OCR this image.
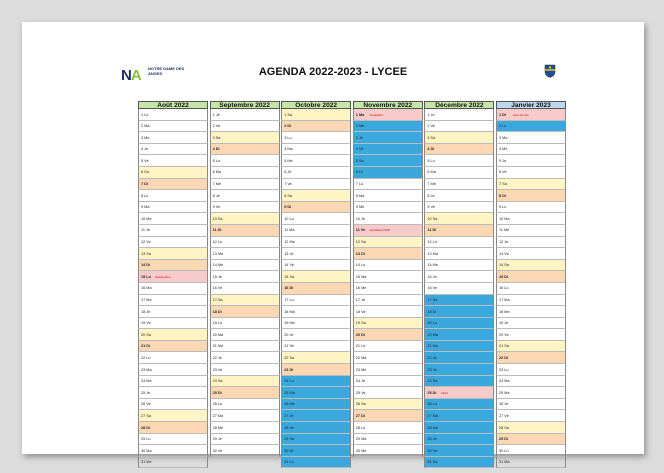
NA NOTRE DAME DES ANGES	AGENDA 2022-2023 - LYCEE
Août 2022
1 Lu
2 Ma
3 Me
4 Je
5 Ve
6 Sa
7 Di
8 Lu
9 Ma
10 Me
11 Je
12 Ve
13 Sa
14 Di
15 Lu Assomption
16 Ma
17 Me
18 Je
19 Ve
20 Sa
21 Di
22 Lu
23 Ma
24 Me
25 Je
26 Ve
27 Sa
28 Di
29 Lu
30 Ma
31 Me
Septembre 2022
1 Je
2 Ve
3 Sa
4 Di
5 Lu
6 Ma
7 Me
8 Je
9 Ve
10 Sa
11 Di
12 Lu
13 Ma
14 Me
15 Je
16 Ve
17 Sa
18 Di
19 Lu
20 Ma
21 Me
22 Je
23 Ve
24 Sa
25 Di
26 Lu
27 Ma
28 Me
29 Je
30 Ve
Octobre 2022
1 Sa
2 Di
3 Lu
4 Ma
5 Me
6 Je
7 Ve
8 Sa
9 Di
10 Lu
11 Ma
12 Me
13 Je
14 Ve
15 Sa
16 Di
17 Lu
18 Ma
19 Me
20 Je
21 Ve
22 Sa
23 Di
24 Lu
25 Ma
26 Me
27 Je
28 Ve
29 Sa
30 Di
31 Lu
Novembre 2022
1 Ma Toussaint
2 Me
3 Je
4 Ve
5 Sa
6 Di
7 Lu
8 Ma
9 Me
10 Je
11 Ve Armistice 1918
12 Sa
13 Di
14 Lu
15 Ma
16 Me
17 Je
18 Ve
19 Sa
20 Di
21 Lu
22 Ma
23 Me
24 Je
25 Ve
26 Sa
27 Di
28 Lu
29 Ma
30 Me
Décembre 2022
1 Je
2 Ve
3 Sa
4 Di
5 Lu
6 Ma
7 Me
8 Je
9 Ve
10 Sa
11 Di
12 Lu
13 Ma
14 Me
15 Je
16 Ve
17 Sa
18 Di
19 Lu
20 Ma
21 Me
22 Je
23 Ve
24 Sa
25 Di Noël
26 Lu
27 Ma
28 Me
29 Je
30 Ve
31 Sa
Janvier 2023
1 Di Jour de l'an
2 Lu
3 Ma
4 Me
5 Je
6 Ve
7 Sa
8 Di
9 Lu
10 Ma
11 Me
12 Je
13 Ve
14 Sa
15 Di
16 Lu
17 Ma
18 Me
19 Je
20 Ve
21 Sa
22 Di
23 Lu
24 Ma
25 Me
26 Je
27 Ve
28 Sa
29 Di
30 Lu
31 Ma
